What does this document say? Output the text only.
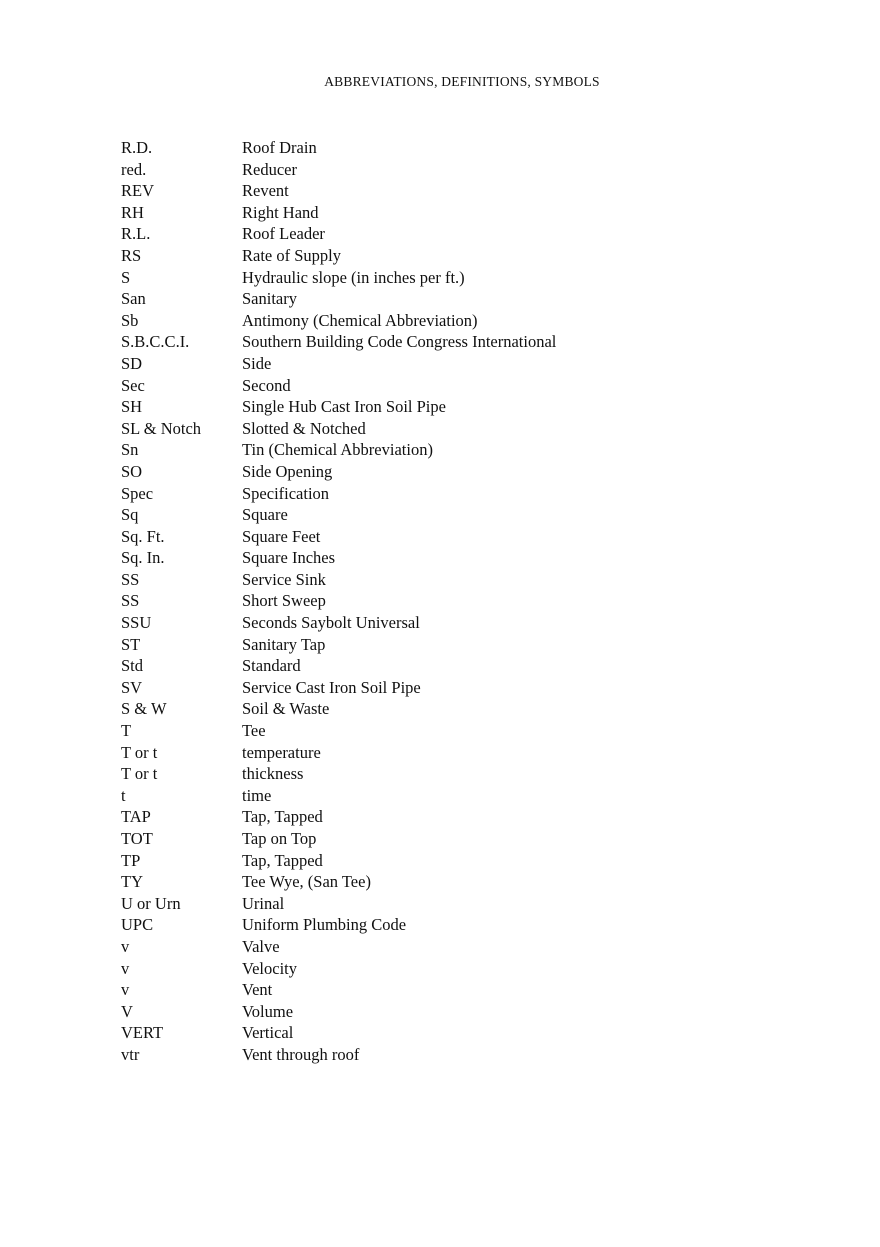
ABBREVIATIONS, DEFINITIONS, SYMBOLS
R.D.	Roof Drain
red.	Reducer
REV	Revent
RH	Right Hand
R.L.	Roof Leader
RS	Rate of Supply
S	Hydraulic slope (in inches per ft.)
San	Sanitary
Sb	Antimony (Chemical Abbreviation)
S.B.C.C.I.	Southern Building Code Congress International
SD	Side
Sec	Second
SH	Single Hub Cast Iron Soil Pipe
SL & Notch	Slotted & Notched
Sn	Tin (Chemical Abbreviation)
SO	Side Opening
Spec	Specification
Sq	Square
Sq. Ft.	Square Feet
Sq. In.	Square Inches
SS	Service Sink
SS	Short Sweep
SSU	Seconds Saybolt Universal
ST	Sanitary Tap
Std	Standard
SV	Service Cast Iron Soil Pipe
S & W	Soil & Waste
T	Tee
T or t	temperature
T or t	thickness
t	time
TAP	Tap, Tapped
TOT	Tap on Top
TP	Tap, Tapped
TY	Tee Wye, (San Tee)
U or Urn	Urinal
UPC	Uniform Plumbing Code
v	Valve
v	Velocity
v	Vent
V	Volume
VERT	Vertical
vtr	Vent through roof
